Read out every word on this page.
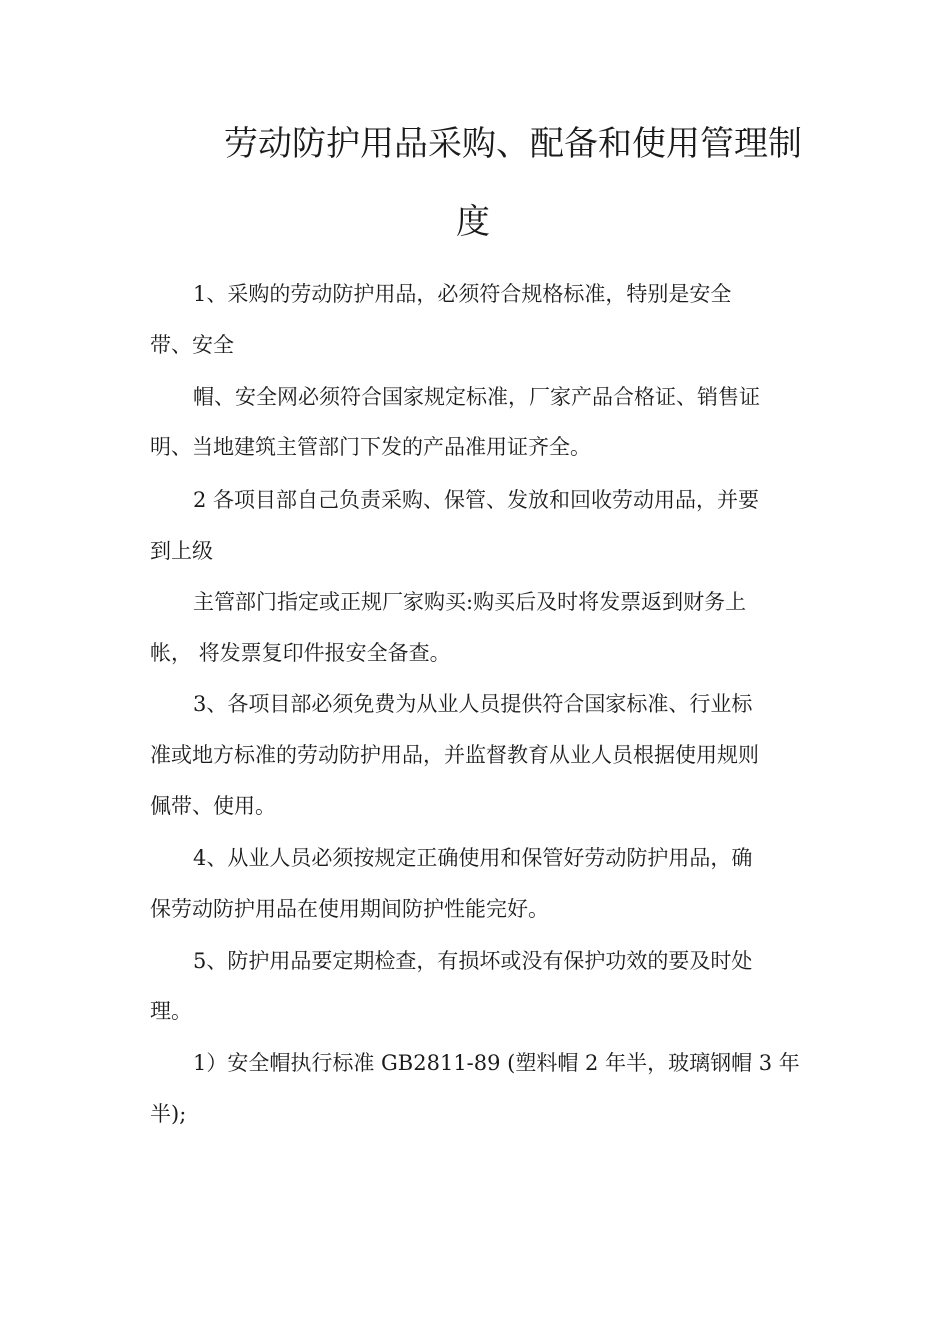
劳动防护用品采购、配备和使用管理制
度

1、采购的劳动防护用品，必须符合规格标准，特别是安全

带、安全

帽、安全网必须符合国家规定标准，厂家产品合格证、销售证

明、当地建筑主管部门下发的产品准用证齐全。

2 各项目部自己负责采购、保管、发放和回收劳动用品，并要

到上级

主管部门指定或正规厂家购买:购买后及时将发票返到财务上

帐， 将发票复印件报安全备查。

3、各项目部必须免费为从业人员提供符合国家标准、行业标

准或地方标准的劳动防护用品，并监督教育从业人员根据使用规则

佩带、使用。

4、从业人员必须按规定正确使用和保管好劳动防护用品，确

保劳动防护用品在使用期间防护性能完好。

5、防护用品要定期检查，有损坏或没有保护功效的要及时处

理。

1）安全帽执行标准 GB2811-89 (塑料帽 2 年半，玻璃钢帽 3 年

半);
